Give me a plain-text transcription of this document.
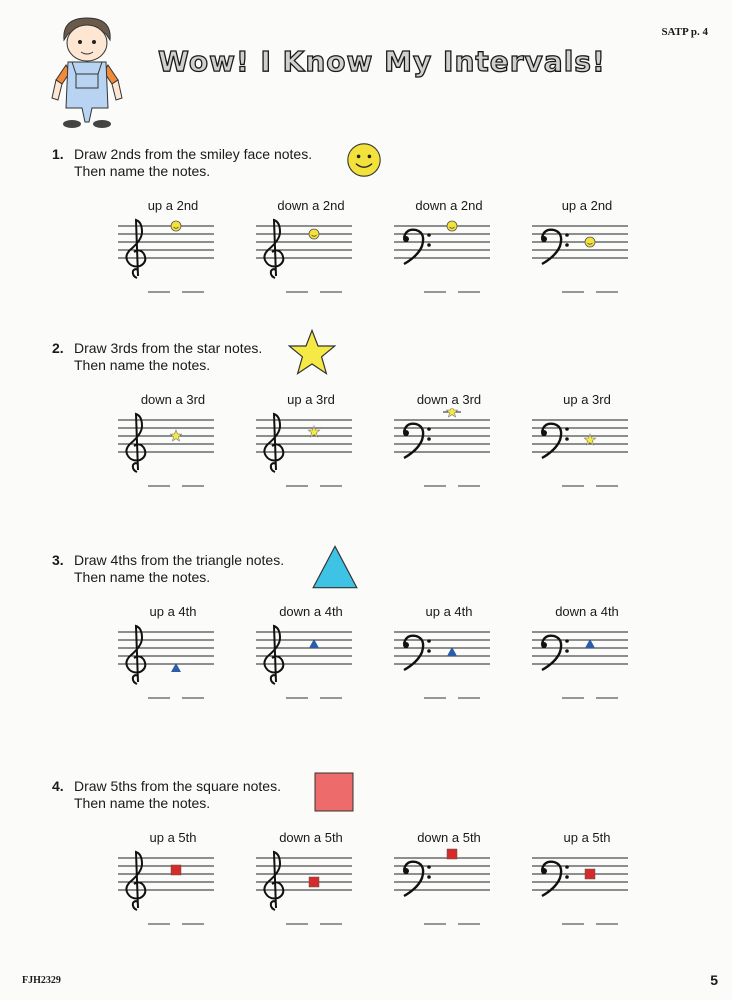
SATP p. 4
Wow! I Know My Intervals!
1. Draw 2nds from the smiley face notes.
Then name the notes.
up a 2nd	down a 2nd	down a 2nd	up a 2nd
2. Draw 3rds from the star notes.
Then name the notes.
down a 3rd	up a 3rd	down a 3rd	up a 3rd
3. Draw 4ths from the triangle notes.
Then name the notes.
up a 4th	down a 4th	up a 4th	down a 4th
4. Draw 5ths from the square notes.
Then name the notes.
up a 5th	down a 5th	down a 5th	up a 5th
FJH2329	5
